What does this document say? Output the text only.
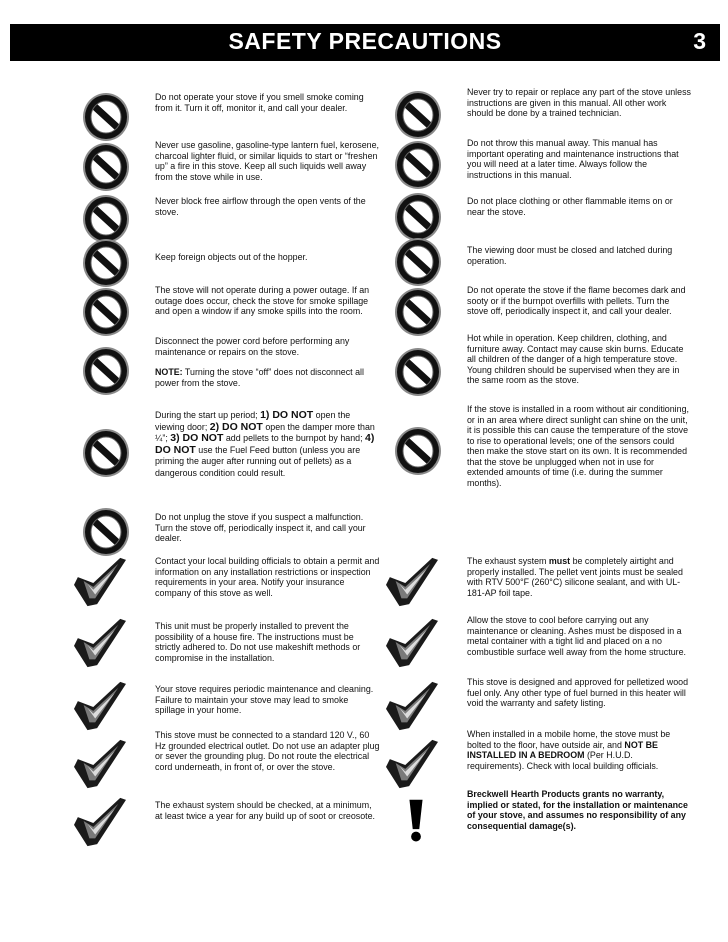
SAFETY PRECAUTIONS	3
Do not operate your stove if you smell smoke coming from it. Turn it off, monitor it, and call your dealer.
Never use gasoline, gasoline-type lantern fuel, kerosene, charcoal lighter fluid, or similar liquids to start or “freshen up” a fire in this stove. Keep all such liquids well away from the stove while in use.
Never block free airflow through the open vents of the stove.
Keep foreign objects out of the hopper.
The stove will not operate during a power outage. If an outage does occur, check the stove for smoke spillage and open a window if any smoke spills into the room.

Disconnect the power cord before performing any maintenance or repairs on the stove.

NOTE: Turning the stove “off” does not disconnect all power from the stove.

During the start up period; 1) DO NOT open the viewing door; 2) DO NOT open the damper more than ¼”; 3) DO NOT add pellets to the burnpot by hand; 4) DO NOT use the Fuel Feed button (unless you are priming the auger after running out of pellets) as a dangerous condition could result.
Do not unplug the stove if you suspect a malfunction. Turn the stove off, periodically inspect it, and call your dealer.
Contact your local building officials to obtain a permit and information on any installation restrictions or inspection requirements in your area. Notify your insurance company of this stove as well.
This unit must be properly installed to prevent the possibility of a house fire. The instructions must be strictly adhered to. Do not use makeshift methods or compromise in the installation.
Your stove requires periodic maintenance and cleaning. Failure to maintain your stove may lead to smoke spillage in your home.
This stove must be connected to a standard 120 V., 60 Hz grounded electrical outlet. Do not use an adapter plug or sever the grounding plug. Do not route the electrical cord underneath, in front of, or over the stove.
The exhaust system should be checked, at a minimum, at least twice a year for any build up of soot or creosote.
Never try to repair or replace any part of the stove unless instructions are given in this manual. All other work should be done by a trained technician.
Do not throw this manual away. This manual has important operating and maintenance instructions that you will need at a later time. Always follow the instructions in this manual.
Do not place clothing or other flammable items on or near the stove.
The viewing door must be closed and latched during operation.
Do not operate the stove if the flame becomes dark and sooty or if the burnpot overfills with pellets. Turn the stove off, periodically inspect it, and call your dealer.
Hot while in operation. Keep children, clothing, and furniture away. Contact may cause skin burns. Educate all children of the danger of a high temperature stove. Young children should be supervised when they are in the same room as the stove.
If the stove is installed in a room without air conditioning, or in an area where direct sunlight can shine on the unit, it is possible this can cause the temperature of the stove to rise to operational levels; one of the sensors could then make the stove start on its own. It is recommended that the stove be unplugged when not in use for extended amounts of time (i.e. during the summer months).
The exhaust system must be completely airtight and properly installed. The pellet vent joints must be sealed with RTV 500°F (260°C) silicone sealant, and with UL-181-AP foil tape.
Allow the stove to cool before carrying out any maintenance or cleaning. Ashes must be disposed in a metal container with a tight lid and placed on a no combustible surface well away from the home structure.
This stove is designed and approved for pelletized wood fuel only. Any other type of fuel burned in this heater will void the warranty and safety listing.
When installed in a mobile home, the stove must be bolted to the floor, have outside air, and NOT BE INSTALLED IN A BEDROOM (Per H.U.D. requirements). Check with local building officials.
Breckwell Hearth Products grants no warranty, implied or stated, for the installation or maintenance of your stove, and assumes no responsibility of any consequential damage(s).
